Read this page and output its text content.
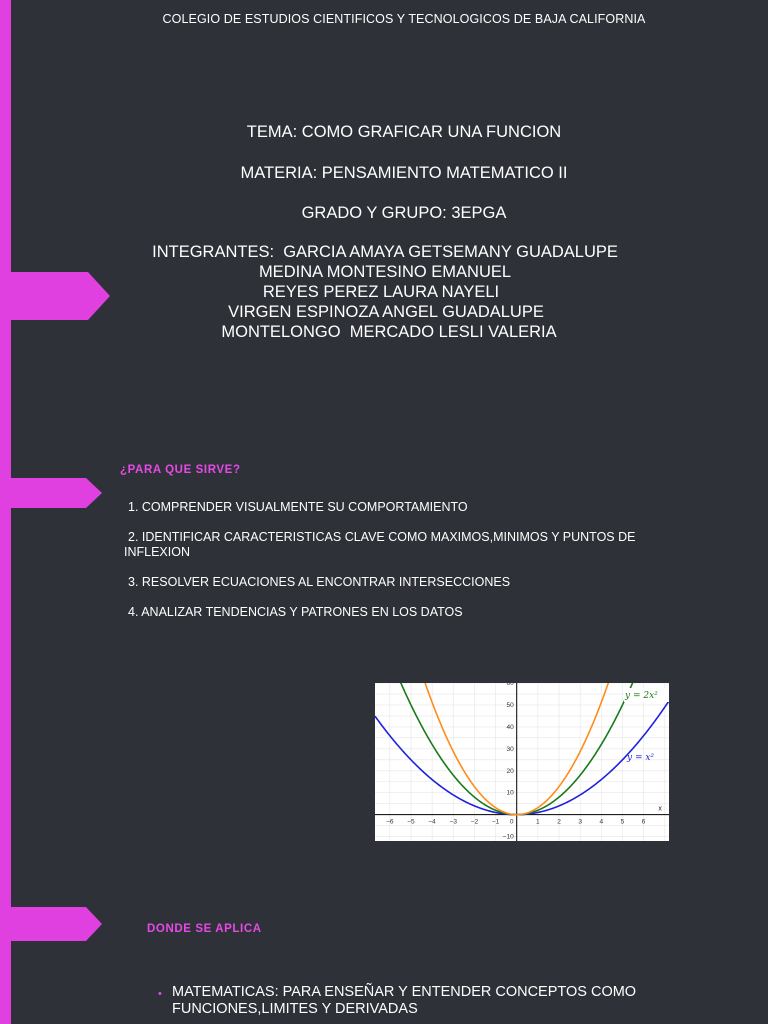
COLEGIO DE ESTUDIOS CIENTIFICOS Y TECNOLOGICOS DE BAJA CALIFORNIA
TEMA: COMO GRAFICAR UNA FUNCION
MATERIA: PENSAMIENTO MATEMATICO II
GRADO Y GRUPO: 3EPGA
INTEGRANTES:  GARCIA AMAYA GETSEMANY GUADALUPE
MEDINA MONTESINO EMANUEL
REYES PEREZ LAURA NAYELI
VIRGEN ESPINOZA ANGEL GUADALUPE
MONTELONGO  MERCADO LESLI VALERIA
¿PARA QUE SIRVE?
1. COMPRENDER VISUALMENTE SU COMPORTAMIENTO
2. IDENTIFICAR CARACTERISTICAS CLAVE COMO MAXIMOS,MINIMOS Y PUNTOS DE INFLEXION
3. RESOLVER ECUACIONES AL ENCONTRAR INTERSECCIONES
4. ANALIZAR TENDENCIAS Y PATRONES EN LOS DATOS
−6 −5 −4 −3 −2 −1 0	1	2	3	4	5	6
−10
10
20
30
40
50
60
x
y = x²
y = 2x²
DONDE SE APLICA
• MATEMATICAS: PARA ENSEÑAR Y ENTENDER CONCEPTOS COMO FUNCIONES,LIMITES Y DERIVADAS
